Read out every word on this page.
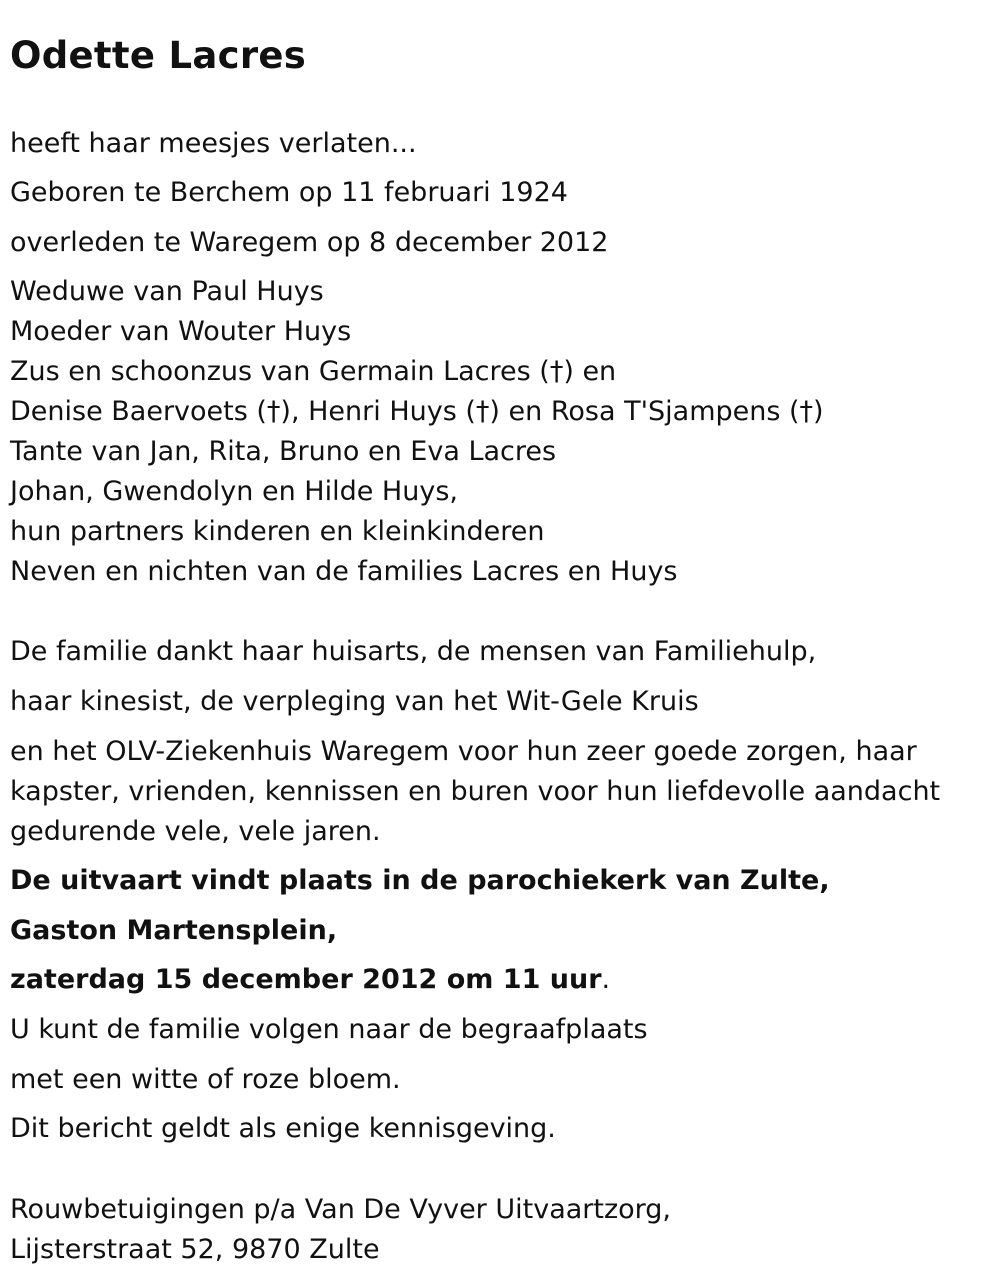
Odette Lacres
heeft haar meesjes verlaten...
Geboren te Berchem op 11 februari 1924
overleden te Waregem op 8 december 2012
Weduwe van Paul Huys
Moeder van Wouter Huys
Zus en schoonzus van Germain Lacres (†) en
Denise Baervoets (†), Henri Huys (†) en Rosa T'Sjampens (†)
Tante van Jan, Rita, Bruno en Eva Lacres
Johan, Gwendolyn en Hilde Huys,
hun partners kinderen en kleinkinderen
Neven en nichten van de families Lacres en Huys
De familie dankt haar huisarts, de mensen van Familiehulp,
haar kinesist, de verpleging van het Wit-Gele Kruis
en het OLV-Ziekenhuis Waregem voor hun zeer goede zorgen, haar kapster, vrienden, kennissen en buren voor hun liefdevolle aandacht gedurende vele, vele jaren.
De uitvaart vindt plaats in de parochiekerk van Zulte,
Gaston Martensplein,
zaterdag 15 december 2012 om 11 uur.
U kunt de familie volgen naar de begraafplaats
met een witte of roze bloem.
Dit bericht geldt als enige kennisgeving.
Rouwbetuigingen p/a Van De Vyver Uitvaartzorg,
Lijsterstraat 52, 9870 Zulte
